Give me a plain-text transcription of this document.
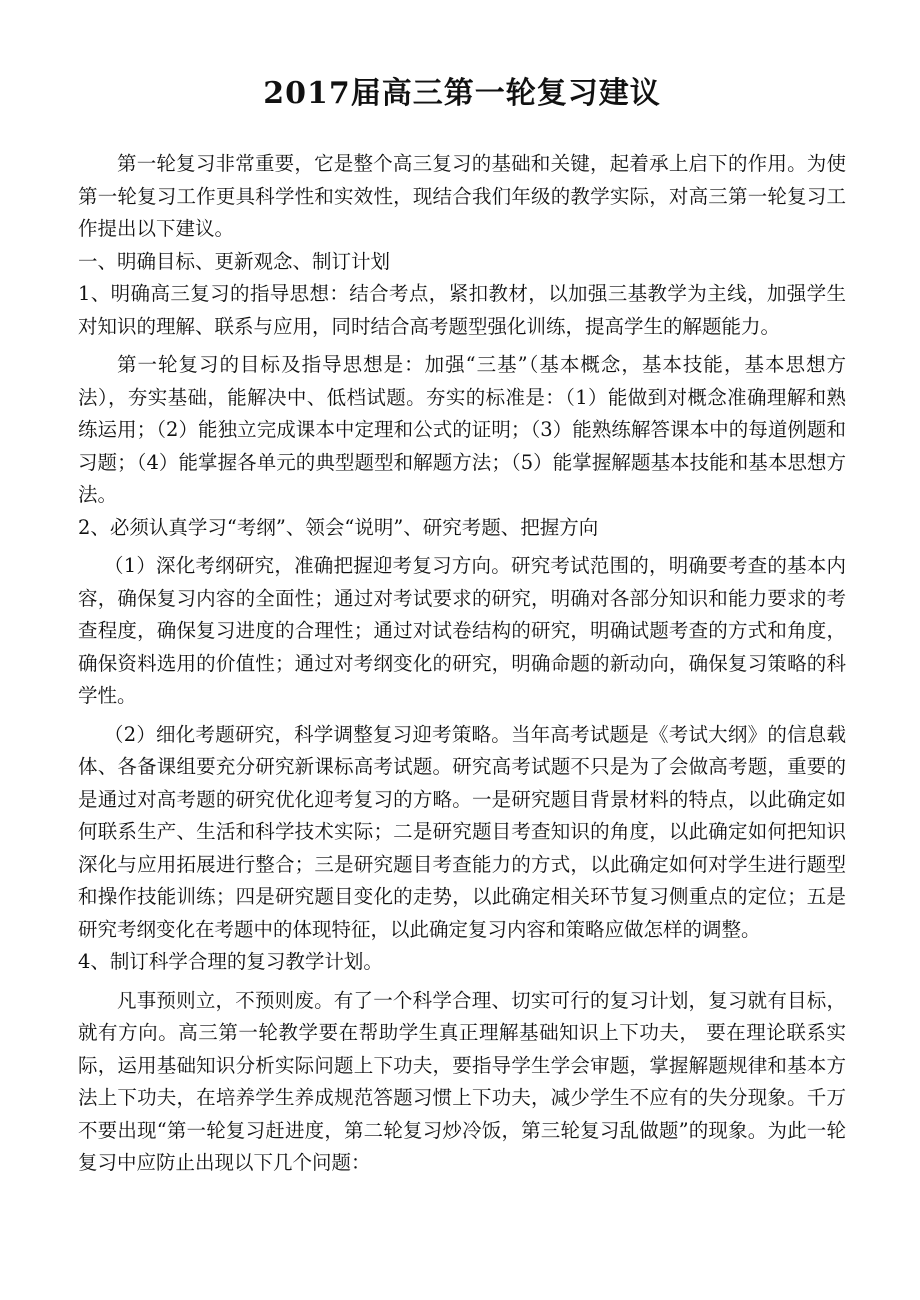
2017届高三第一轮复习建议

第一轮复习非常重要，它是整个高三复习的基础和关键，起着承上启下的作用。为使第一轮复习工作更具科学性和实效性，现结合我们年级的教学实际，对高三第一轮复习工作提出以下建议。

一、明确目标、更新观念、制订计划

1、明确高三复习的指导思想：结合考点，紧扣教材，以加强三基教学为主线，加强学生对知识的理解、联系与应用，同时结合高考题型强化训练，提高学生的解题能力。

第一轮复习的目标及指导思想是：加强“三基”（基本概念，基本技能，基本思想方法），夯实基础，能解决中、低档试题。夯实的标准是：（1）能做到对概念准确理解和熟练运用；（2）能独立完成课本中定理和公式的证明；（3）能熟练解答课本中的每道例题和习题；（4）能掌握各单元的典型题型和解题方法；（5）能掌握解题基本技能和基本思想方法。

2、必须认真学习“考纲”、领会“说明”、研究考题、把握方向

（1）深化考纲研究，准确把握迎考复习方向。研究考试范围的，明确要考查的基本内容，确保复习内容的全面性；通过对考试要求的研究，明确对各部分知识和能力要求的考查程度，确保复习进度的合理性；通过对试卷结构的研究，明确试题考查的方式和角度，确保资料选用的价值性；通过对考纲变化的研究，明确命题的新动向，确保复习策略的科学性。

（2）细化考题研究，科学调整复习迎考策略。当年高考试题是《考试大纲》的信息载体、各备课组要充分研究新课标高考试题。研究高考试题不只是为了会做高考题，重要的是通过对高考题的研究优化迎考复习的方略。一是研究题目背景材料的特点，以此确定如何联系生产、生活和科学技术实际；二是研究题目考查知识的角度，以此确定如何把知识深化与应用拓展进行整合；三是研究题目考查能力的方式，以此确定如何对学生进行题型和操作技能训练；四是研究题目变化的走势，以此确定相关环节复习侧重点的定位；五是研究考纲变化在考题中的体现特征，以此确定复习内容和策略应做怎样的调整。

4、制订科学合理的复习教学计划。

凡事预则立，不预则废。有了一个科学合理、切实可行的复习计划，复习就有目标，就有方向。高三第一轮教学要在帮助学生真正理解基础知识上下功夫， 要在理论联系实际，运用基础知识分析实际问题上下功夫，要指导学生学会审题，掌握解题规律和基本方法上下功夫，在培养学生养成规范答题习惯上下功夫，减少学生不应有的失分现象。千万不要出现“第一轮复习赶进度，第二轮复习炒冷饭，第三轮复习乱做题”的现象。为此一轮复习中应防止出现以下几个问题：
